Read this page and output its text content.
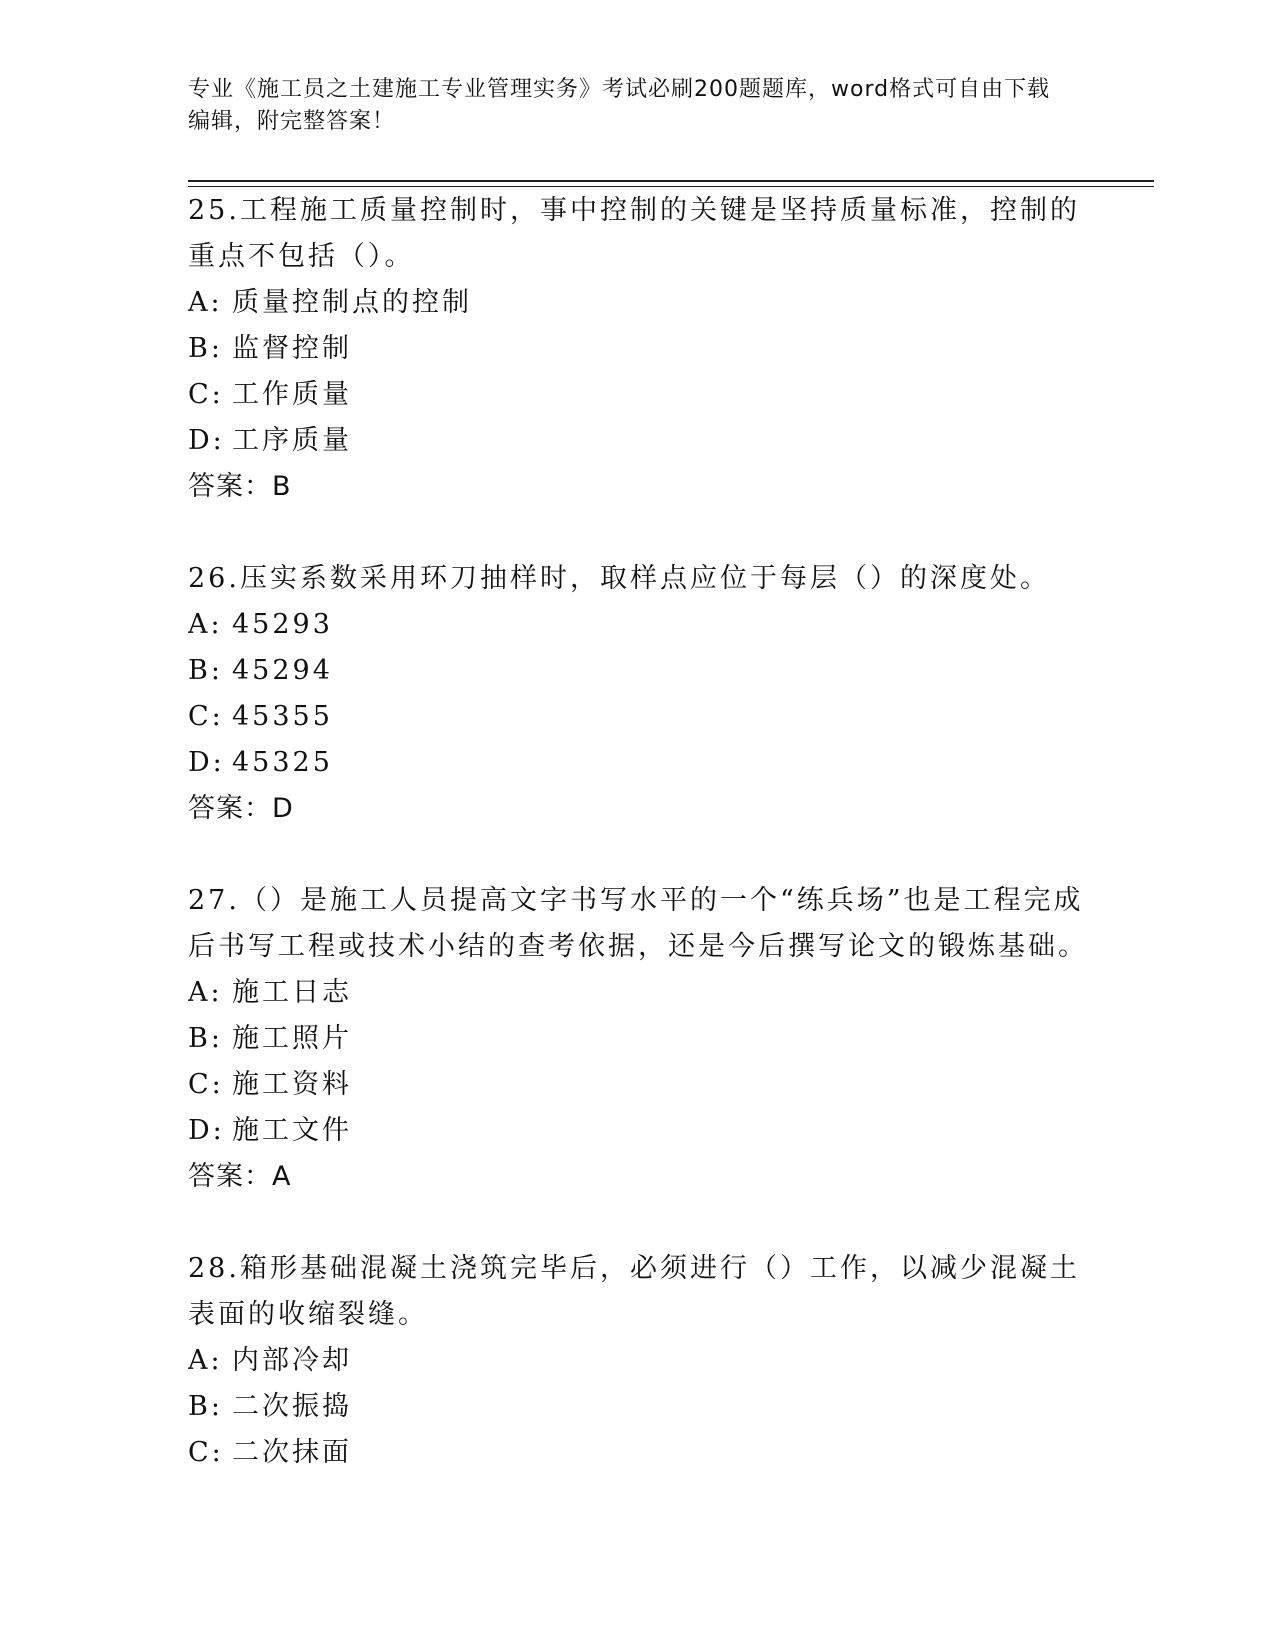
专业《施工员之土建施工专业管理实务》考试必刷200题题库，word格式可自由下载编辑，附完整答案！

25.工程施工质量控制时，事中控制的关键是坚持质量标准，控制的重点不包括（）。

A: 质量控制点的控制

B: 监督控制

C: 工作质量

D: 工序质量

答案：B

26.压实系数采用环刀抽样时，取样点应位于每层（）的深度处。

A: 45293

B: 45294

C: 45355

D: 45325

答案：D

27.（）是施工人员提高文字书写水平的一个“练兵场”也是工程完成后书写工程或技术小结的查考依据，还是今后撰写论文的锻炼基础。

A: 施工日志

B: 施工照片

C: 施工资料

D: 施工文件

答案：A

28.箱形基础混凝土浇筑完毕后，必须进行（）工作，以减少混凝土表面的收缩裂缝。

A: 内部冷却

B: 二次振捣

C: 二次抹面
